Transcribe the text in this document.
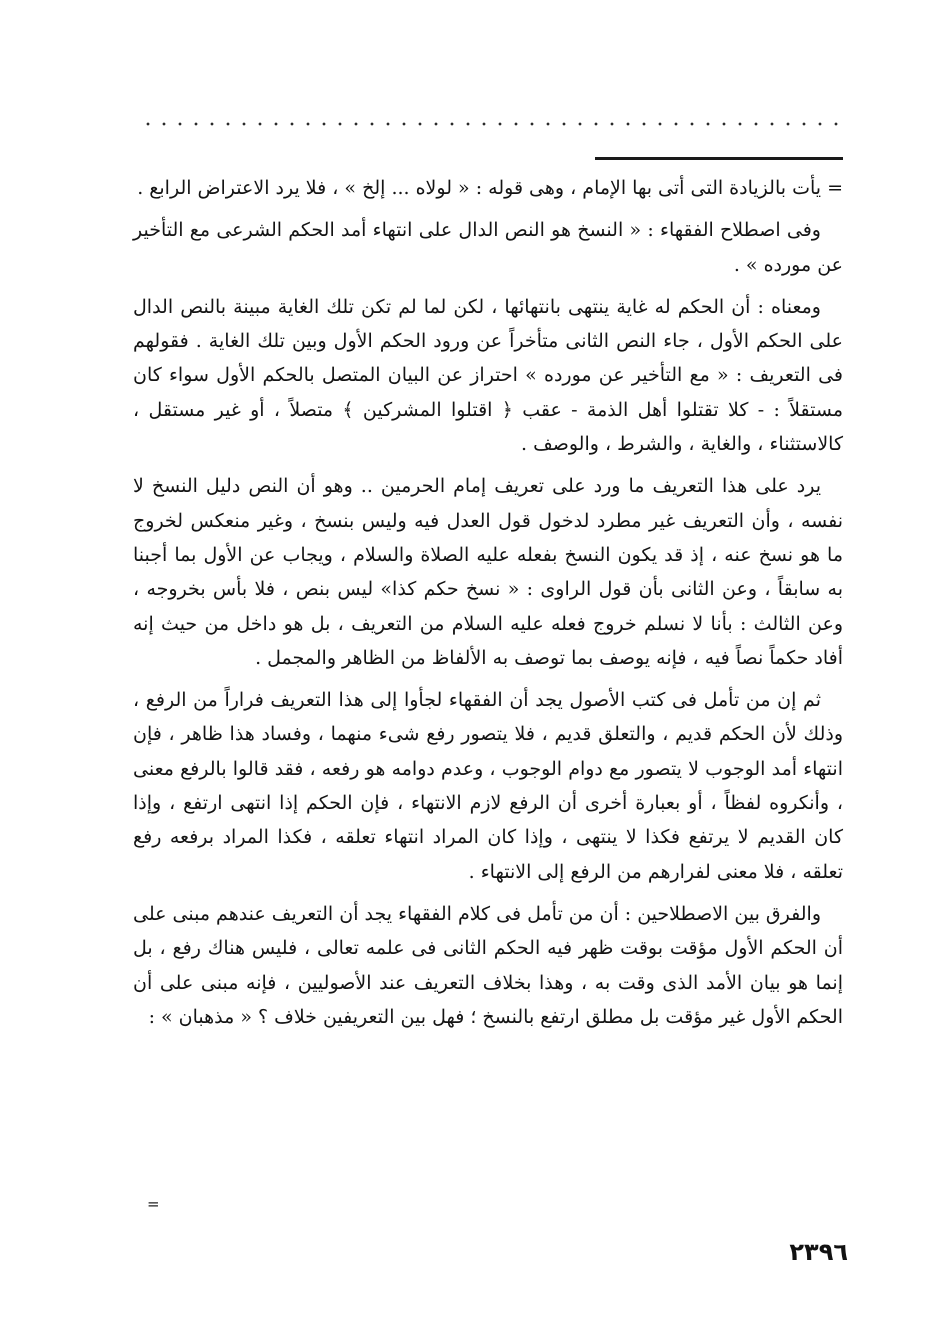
= يأت بالزيادة التى أتى بها الإمام ، وهى قوله : « لولاه ... إلخ » ، فلا يرد الاعتراض الرابع .

وفى اصطلاح الفقهاء : « النسخ هو النص الدال على انتهاء أمد الحكم الشرعى مع التأخير عن مورده » .

ومعناه : أن الحكم له غاية ينتهى بانتهائها ، لكن لما لم تكن تلك الغاية مبينة بالنص الدال على الحكم الأول ، جاء النص الثانى متأخراً عن ورود الحكم الأول وبين تلك الغاية . فقولهم فى التعريف : « مع التأخير عن مورده » احتراز عن البيان المتصل بالحكم الأول سواء كان مستقلاً : - كلا تقتلوا أهل الذمة - عقب ﴿ اقتلوا المشركين ﴾ متصلاً ، أو غير مستقل ، كالاستثناء ، والغاية ، والشرط ، والوصف .

يرد على هذا التعريف ما ورد على تعريف إمام الحرمين .. وهو أن النص دليل النسخ لا نفسه ، وأن التعريف غير مطرد لدخول قول العدل فيه وليس بنسخ ، وغير منعكس لخروج ما هو نسخ عنه ، إذ قد يكون النسخ بفعله عليه الصلاة والسلام ، ويجاب عن الأول بما أجبنا به سابقاً ، وعن الثانى بأن قول الراوى : « نسخ حكم كذا» ليس بنص ، فلا بأس بخروجه ، وعن الثالث : بأنا لا نسلم خروج فعله عليه السلام من التعريف ، بل هو داخل من حيث إنه أفاد حكماً نصاً فيه ، فإنه يوصف بما توصف به الألفاظ من الظاهر والمجمل .

ثم إن من تأمل فى كتب الأصول يجد أن الفقهاء لجأوا إلى هذا التعريف فراراً من الرفع ، وذلك لأن الحكم قديم ، والتعلق قديم ، فلا يتصور رفع شىء منهما ، وفساد هذا ظاهر ، فإن انتهاء أمد الوجوب لا يتصور مع دوام الوجوب ، وعدم دوامه هو رفعه ، فقد قالوا بالرفع معنى ، وأنكروه لفظاً ، أو بعبارة أخرى أن الرفع لازم الانتهاء ، فإن الحكم إذا انتهى ارتفع ، وإذا كان القديم لا يرتفع فكذا لا ينتهى ، وإذا كان المراد انتهاء تعلقه ، فكذا المراد برفعه رفع تعلقه ، فلا معنى لفرارهم من الرفع إلى الانتهاء .

والفرق بين الاصطلاحين : أن من تأمل فى كلام الفقهاء يجد أن التعريف عندهم مبنى على أن الحكم الأول مؤقت بوقت ظهر فيه الحكم الثانى فى علمه تعالى ، فليس هناك رفع ، بل إنما هو بيان الأمد الذى وقت به ، وهذا بخلاف التعريف عند الأصوليين ، فإنه مبنى على أن الحكم الأول غير مؤقت بل مطلق ارتفع بالنسخ ؛ فهل بين التعريفين خلاف ؟ « مذهبان » :

=
٢٣٩٦
